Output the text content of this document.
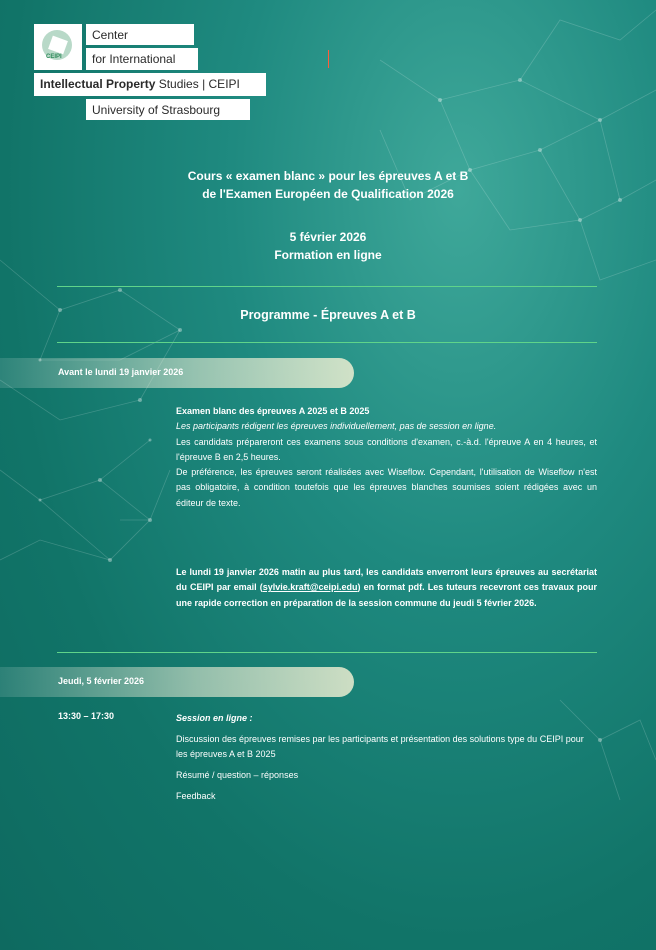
CEIPI
Center
for International
Intellectual Property Studies | CEIPI
University of Strasbourg
Cours « examen blanc » pour les épreuves A et B
de l'Examen Européen de Qualification 2026
5 février 2026
Formation en ligne
Programme - Épreuves A et B
Avant le lundi 19 janvier 2026

Examen blanc des épreuves A 2025 et B 2025

Les participants rédigent les épreuves individuellement, pas de session en ligne.

Les candidats prépareront ces examens sous conditions d'examen, c.-à.d. l'épreuve A en 4 heures, et l'épreuve B en 2,5 heures.

De préférence, les épreuves seront réalisées avec Wiseflow. Cependant, l'utilisation de Wiseflow n'est pas obligatoire, à condition toutefois que les épreuves blanches soumises soient rédigées avec un éditeur de texte.

Le lundi 19 janvier 2026 matin au plus tard, les candidats enverront leurs épreuves au secrétariat du CEIPI par email (sylvie.kraft@ceipi.edu) en format pdf. Les tuteurs recevront ces travaux pour une rapide correction en préparation de la session commune du jeudi 5 février 2026.

Jeudi, 5 février 2026
13:30 – 17:30	Session en ligne :

Discussion des épreuves remises par les participants et présentation des solutions type du CEIPI pour les épreuves A et B 2025

Résumé / question – réponses

Feedback
